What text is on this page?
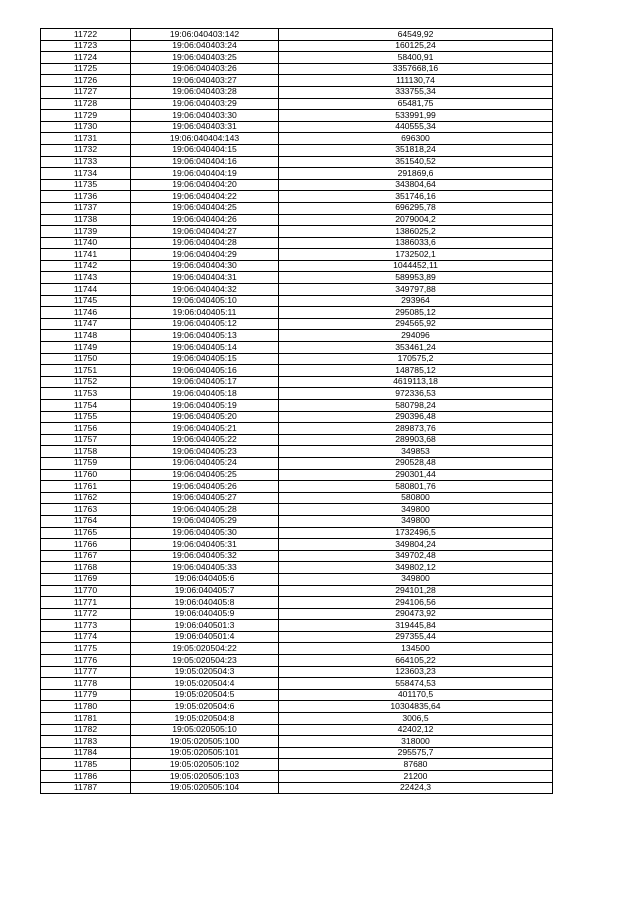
11722	19:06:040403:142	64549,92
11723	19:06:040403:24	160125,24
11724	19:06:040403:25	58400,91
11725	19:06:040403:26	3357668,16
11726	19:06:040403:27	111130,74
11727	19:06:040403:28	333755,34
11728	19:06:040403:29	65481,75
11729	19:06:040403:30	533991,99
11730	19:06:040403:31	440555,34
11731	19:06:040404:143	696300
11732	19:06:040404:15	351818,24
11733	19:06:040404:16	351540,52
11734	19:06:040404:19	291869,6
11735	19:06:040404:20	343804,64
11736	19:06:040404:22	351746,16
11737	19:06:040404:25	696295,78
11738	19:06:040404:26	2079004,2
11739	19:06:040404:27	1386025,2
11740	19:06:040404:28	1386033,6
11741	19:06:040404:29	1732502,1
11742	19:06:040404:30	1044452,11
11743	19:06:040404:31	589953,89
11744	19:06:040404:32	349797,88
11745	19:06:040405:10	293964
11746	19:06:040405:11	295085,12
11747	19:06:040405:12	294565,92
11748	19:06:040405:13	294096
11749	19:06:040405:14	353461,24
11750	19:06:040405:15	170575,2
11751	19:06:040405:16	148785,12
11752	19:06:040405:17	4619113,18
11753	19:06:040405:18	972336,53
11754	19:06:040405:19	580798,24
11755	19:06:040405:20	290396,48
11756	19:06:040405:21	289873,76
11757	19:06:040405:22	289903,68
11758	19:06:040405:23	349853
11759	19:06:040405:24	290528,48
11760	19:06:040405:25	290301,44
11761	19:06:040405:26	580801,76
11762	19:06:040405:27	580800
11763	19:06:040405:28	349800
11764	19:06:040405:29	349800
11765	19:06:040405:30	1732496,5
11766	19:06:040405:31	349804,24
11767	19:06:040405:32	349702,48
11768	19:06:040405:33	349802,12
11769	19:06:040405:6	349800
11770	19:06:040405:7	294101,28
11771	19:06:040405:8	294106,56
11772	19:06:040405:9	290473,92
11773	19:06:040501:3	319445,84
11774	19:06:040501:4	297355,44
11775	19:05:020504:22	134500
11776	19:05:020504:23	664105,22
11777	19:05:020504:3	123603,23
11778	19:05:020504:4	558474,53
11779	19:05:020504:5	401170,5
11780	19:05:020504:6	10304835,64
11781	19:05:020504:8	3006,5
11782	19:05:020505:10	42402,12
11783	19:05:020505:100	318000
11784	19:05:020505:101	295575,7
11785	19:05:020505:102	87680
11786	19:05:020505:103	21200
11787	19:05:020505:104	22424,3
